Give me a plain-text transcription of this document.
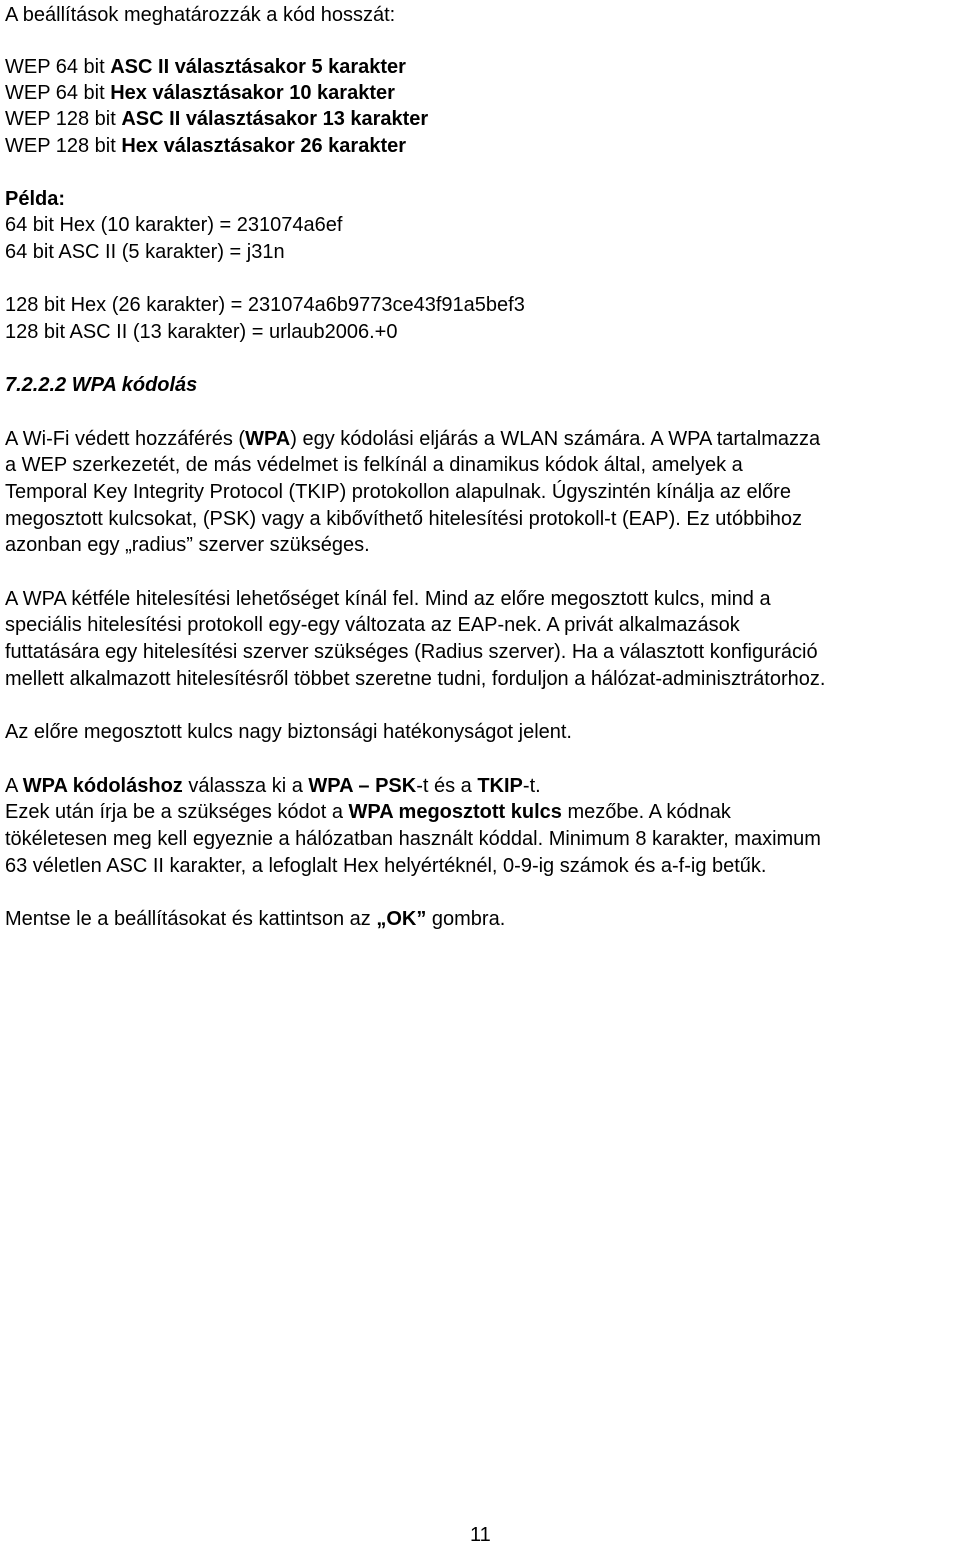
A beállítások meghatározzák a kód hosszát:
WEP 64 bit ASC II választásakor 5 karakter
WEP 64 bit Hex választásakor 10 karakter
WEP 128 bit ASC II választásakor 13 karakter
WEP 128 bit Hex választásakor 26 karakter
Példa:
64 bit Hex (10 karakter) = 231074a6ef
64 bit ASC II (5 karakter) = j31n
128 bit Hex (26 karakter) = 231074a6b9773ce43f91a5bef3
128 bit ASC II (13 karakter) = urlaub2006.+0
7.2.2.2 WPA kódolás
A Wi-Fi védett hozzáférés (WPA) egy kódolási eljárás a WLAN számára. A WPA tartalmazza
a WEP szerkezetét, de más védelmet is felkínál a dinamikus kódok által, amelyek a
Temporal Key Integrity Protocol (TKIP) protokollon alapulnak. Úgyszintén kínálja az előre
megosztott kulcsokat, (PSK) vagy a kibővíthető hitelesítési protokoll-t (EAP). Ez utóbbihoz
azonban egy „radius” szerver szükséges.
A WPA kétféle hitelesítési lehetőséget kínál fel. Mind az előre megosztott kulcs, mind a
speciális hitelesítési protokoll egy-egy változata az EAP-nek. A privát alkalmazások
futtatására egy hitelesítési szerver szükséges (Radius szerver). Ha a választott konfiguráció
mellett alkalmazott hitelesítésről többet szeretne tudni, forduljon a hálózat-adminisztrátorhoz.
Az előre megosztott kulcs nagy biztonsági hatékonyságot jelent.
A WPA kódoláshoz válassza ki a WPA – PSK-t és a TKIP-t.
Ezek után írja be a szükséges kódot a WPA megosztott kulcs mezőbe. A kódnak
tökéletesen meg kell egyeznie a hálózatban használt kóddal. Minimum 8 karakter, maximum
63 véletlen ASC II karakter, a lefoglalt Hex helyértéknél, 0-9-ig számok és a-f-ig betűk.
Mentse le a beállításokat és kattintson az „OK” gombra.
11
